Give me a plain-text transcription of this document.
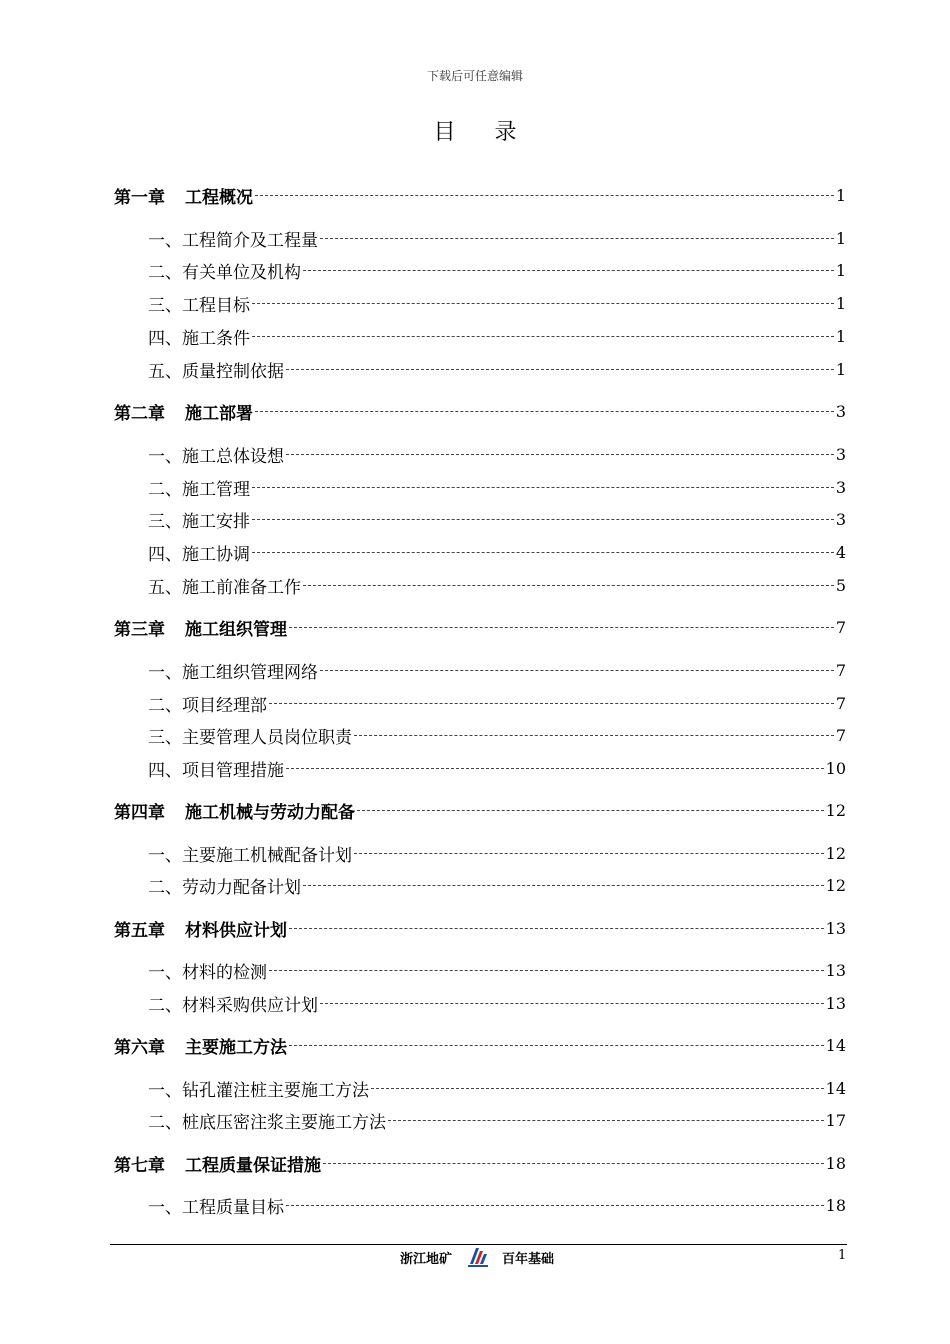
下载后可任意编辑
目 录
第一章 工程概况	1
一、工程简介及工程量	1
二、有关单位及机构	1
三、工程目标	1
四、施工条件	1
五、质量控制依据	1
第二章 施工部署	3
一、施工总体设想	3
二、施工管理	3
三、施工安排	3
四、施工协调	4
五、施工前准备工作	5
第三章 施工组织管理	7
一、施工组织管理网络	7
二、项目经理部	7
三、主要管理人员岗位职责	7
四、项目管理措施	10
第四章 施工机械与劳动力配备	12
一、主要施工机械配备计划	12
二、劳动力配备计划	12
第五章 材料供应计划	13
一、材料的检测	13
二、材料采购供应计划	13
第六章 主要施工方法	14
一、钻孔灌注桩主要施工方法	14
二、桩底压密注浆主要施工方法	17
第七章 工程质量保证措施	18
一、工程质量目标	18
浙江地矿	百年基础	1
